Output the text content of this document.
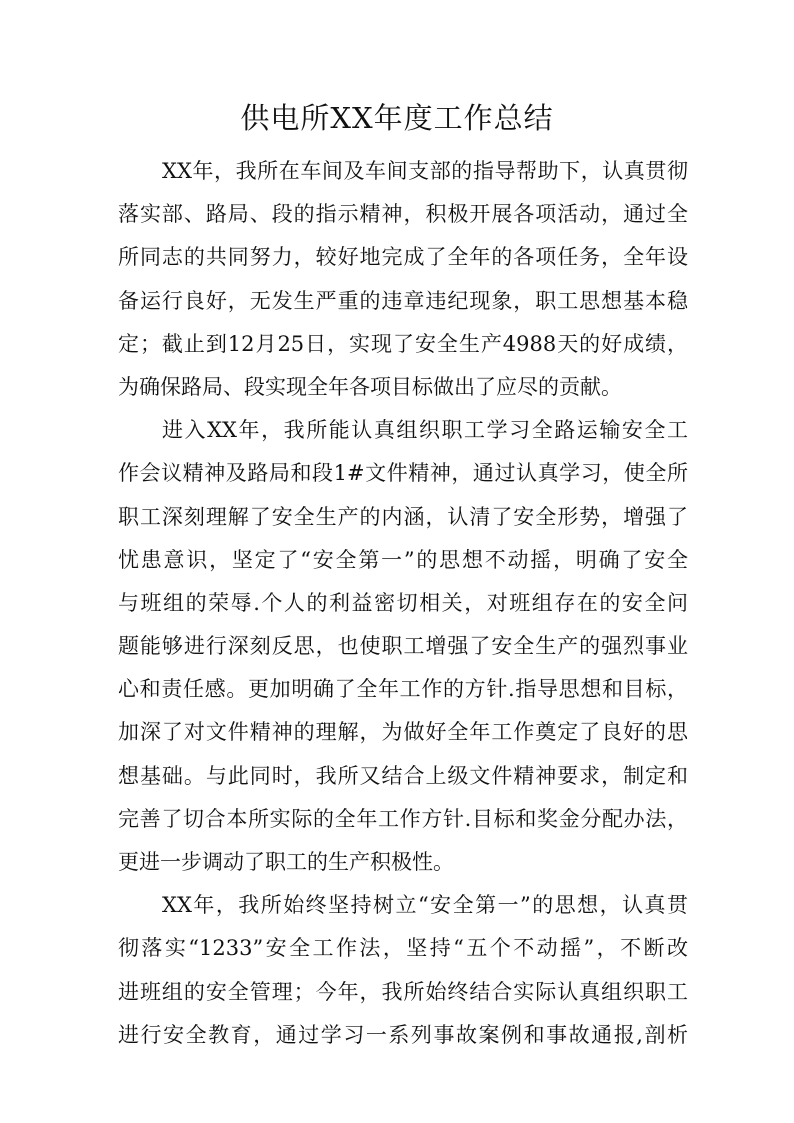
供电所XX年度工作总结
XX年，我所在车间及车间支部的指导帮助下，认真贯彻
落实部、路局、段的指示精神，积极开展各项活动，通过全
所同志的共同努力，较好地完成了全年的各项任务，全年设
备运行良好，无发生严重的违章违纪现象，职工思想基本稳
定；截止到12月25日，实现了安全生产4988天的好成绩，
为确保路局、段实现全年各项目标做出了应尽的贡献。
进入XX年，我所能认真组织职工学习全路运输安全工
作会议精神及路局和段1#文件精神，通过认真学习，使全所
职工深刻理解了安全生产的内涵，认清了安全形势，增强了
忧患意识，坚定了“安全第一”的思想不动摇，明确了安全
与班组的荣辱.个人的利益密切相关，对班组存在的安全问
题能够进行深刻反思，也使职工增强了安全生产的强烈事业
心和责任感。更加明确了全年工作的方针.指导思想和目标，
加深了对文件精神的理解，为做好全年工作奠定了良好的思
想基础。与此同时，我所又结合上级文件精神要求，制定和
完善了切合本所实际的全年工作方针.目标和奖金分配办法，
更进一步调动了职工的生产积极性。
XX年，我所始终坚持树立“安全第一”的思想，认真贯
彻落实“1233”安全工作法，坚持“五个不动摇”，不断改
进班组的安全管理；今年，我所始终结合实际认真组织职工
进行安全教育，通过学习一系列事故案例和事故通报,剖析
